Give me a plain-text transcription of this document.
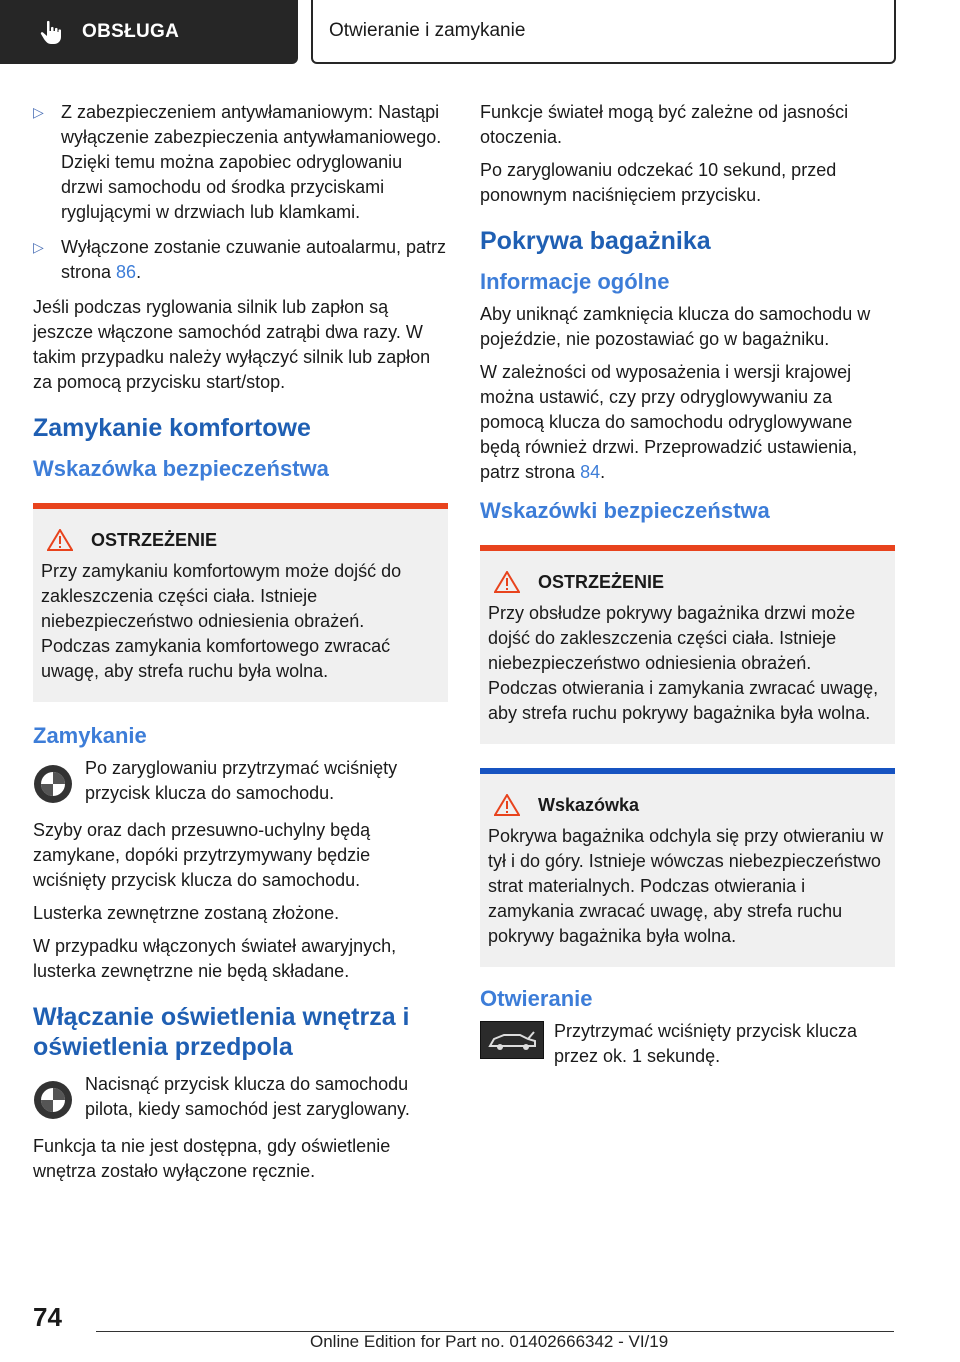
OBSŁUGA	Otwieranie i zamykanie
▷ Z zabezpieczeniem antywłamaniowym: Nastąpi wyłączenie zabezpieczenia antywłamaniowego. Dzięki temu można zapobiec odryglowaniu drzwi samochodu od środka przyciskami ryglującymi w drzwiach lub klamkami.
▷ Wyłączone zostanie czuwanie autoalarmu, patrz strona 86.

Jeśli podczas ryglowania silnik lub zapłon są jeszcze włączone samochód zatrąbi dwa razy. W takim przypadku należy wyłączyć silnik lub zapłon za pomocą przycisku start/stop.

Zamykanie komfortowe
Wskazówka bezpieczeństwa
OSTRZEŻENIE
Przy zamykaniu komfortowym może dojść do zakleszczenia części ciała. Istnieje niebezpieczeństwo odniesienia obrażeń. Podczas zamykania komfortowego zwracać uwagę, aby strefa ruchu była wolna.
Zamykanie
Po zaryglowaniu przytrzymać wciśnięty przycisk klucza do samochodu.

Szyby oraz dach przesuwno-uchylny będą zamykane, dopóki przytrzymywany będzie wciśnięty przycisk klucza do samochodu.

Lusterka zewnętrzne zostaną złożone.

W przypadku włączonych świateł awaryjnych, lusterka zewnętrzne nie będą składane.

Włączanie oświetlenia wnętrza i oświetlenia przedpola
Nacisnąć przycisk klucza do samochodu pilota, kiedy samochód jest zaryglowany.

Funkcja ta nie jest dostępna, gdy oświetlenie wnętrza zostało wyłączone ręcznie.

Funkcje świateł mogą być zależne od jasności otoczenia.

Po zaryglowaniu odczekać 10 sekund, przed ponownym naciśnięciem przycisku.

Pokrywa bagażnika
Informacje ogólne

Aby uniknąć zamknięcia klucza do samochodu w pojeździe, nie pozostawiać go w bagażniku.

W zależności od wyposażenia i wersji krajowej można ustawić, czy przy odryglowywaniu za pomocą klucza do samochodu odryglowywane będą również drzwi. Przeprowadzić ustawienia, patrz strona 84.

Wskazówki bezpieczeństwa
OSTRZEŻENIE
Przy obsłudze pokrywy bagażnika drzwi może dojść do zakleszczenia części ciała. Istnieje niebezpieczeństwo odniesienia obrażeń. Podczas otwierania i zamykania zwracać uwagę, aby strefa ruchu pokrywy bagażnika była wolna.
Wskazówka
Pokrywa bagażnika odchyla się przy otwieraniu w tył i do góry. Istnieje wówczas niebezpieczeństwo strat materialnych. Podczas otwierania i zamykania zwracać uwagę, aby strefa ruchu pokrywy bagażnika była wolna.
Otwieranie
Przytrzymać wciśnięty przycisk klucza przez ok. 1 sekundę.
74
Online Edition for Part no. 01402666342 - VI/19
